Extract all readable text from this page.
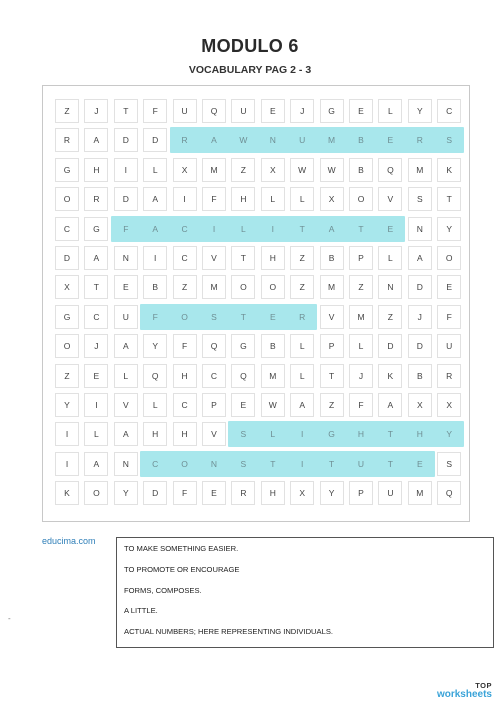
MODULO 6
VOCABULARY PAG 2 - 3
Z	J	T	F	U	Q	U	E	J	G	E	L	Y	C
R	A	D	D	R	A	W	N	U	M	B	E	R	S
G	H	I	L	X	M	Z	X	W	W	B	Q	M	K
O	R	D	A	I	F	H	L	L	X	O	V	S	T
C	G	F	A	C	I	L	I	T	A	T	E	N	Y
D	A	N	I	C	V	T	H	Z	B	P	L	A	O
X	T	E	B	Z	M	O	O	Z	M	Z	N	D	E
G	C	U	F	O	S	T	E	R	V	M	Z	J	F
O	J	A	Y	F	Q	G	B	L	P	L	D	D	U
Z	E	L	Q	H	C	Q	M	L	T	J	K	B	R
Y	I	V	L	C	P	E	W	A	Z	F	A	X	X
I	L	A	H	H	V	S	L	I	G	H	T	H	Y
I	A	N	C	O	N	S	T	I	T	U	T	E	S
K	O	Y	D	F	E	R	H	X	Y	P	U	M	Q
educima.com
-
TO MAKE SOMETHING EASIER.
TO PROMOTE OR ENCOURAGE
FORMS, COMPOSES.
A LITTLE.
ACTUAL NUMBERS; HERE REPRESENTING INDIVIDUALS.
TOP
worksheets
